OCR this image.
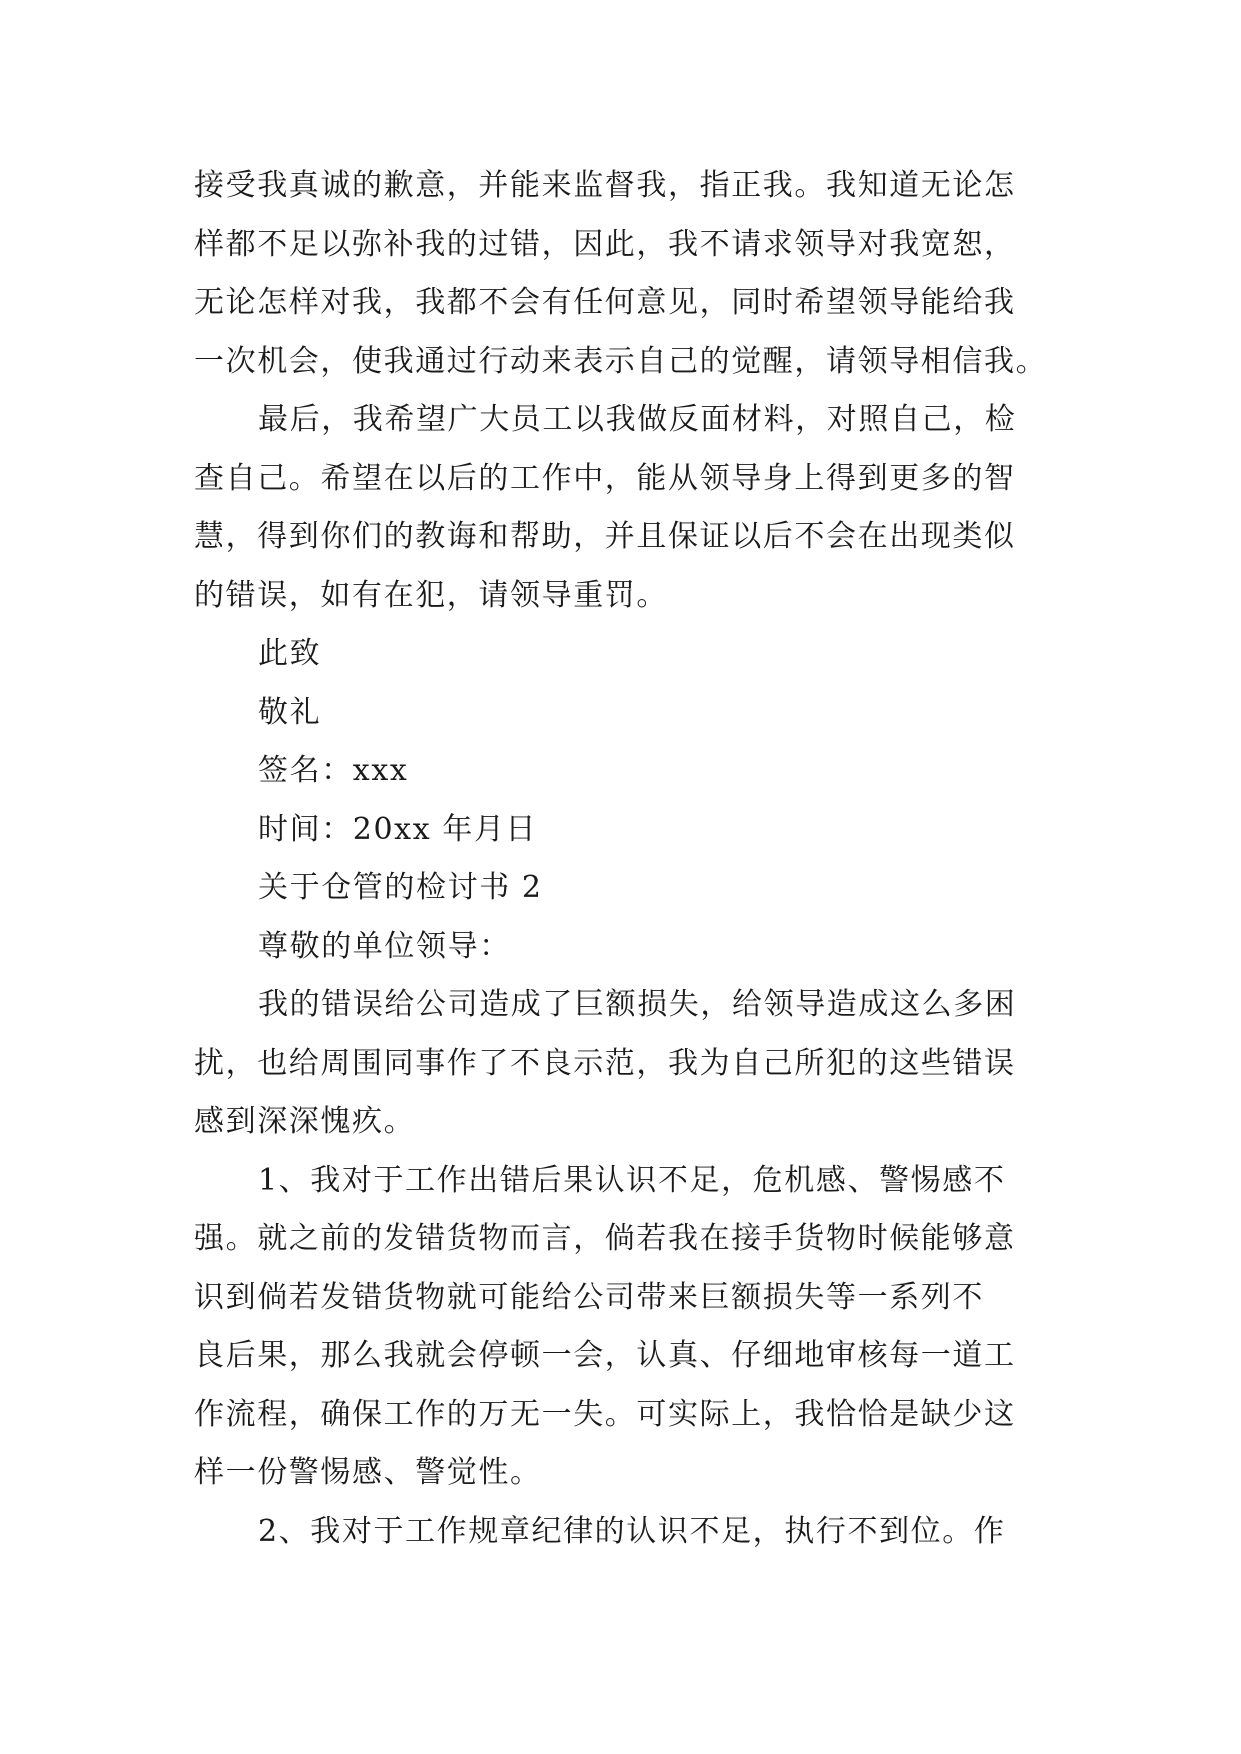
接受我真诚的歉意，并能来监督我，指正我。我知道无论怎
样都不足以弥补我的过错，因此，我不请求领导对我宽恕，
无论怎样对我，我都不会有任何意见，同时希望领导能给我
一次机会，使我通过行动来表示自己的觉醒，请领导相信我。
最后，我希望广大员工以我做反面材料，对照自己，检
查自己。希望在以后的工作中，能从领导身上得到更多的智
慧，得到你们的教诲和帮助，并且保证以后不会在出现类似
的错误，如有在犯，请领导重罚。
此致
敬礼
签名：xxx
时间：20xx 年月日
关于仓管的检讨书 2
尊敬的单位领导：
我的错误给公司造成了巨额损失，给领导造成这么多困
扰，也给周围同事作了不良示范，我为自己所犯的这些错误
感到深深愧疚。
1、我对于工作出错后果认识不足，危机感、警惕感不
强。就之前的发错货物而言，倘若我在接手货物时候能够意
识到倘若发错货物就可能给公司带来巨额损失等一系列不
良后果，那么我就会停顿一会，认真、仔细地审核每一道工
作流程，确保工作的万无一失。可实际上，我恰恰是缺少这
样一份警惕感、警觉性。
2、我对于工作规章纪律的认识不足，执行不到位。作
